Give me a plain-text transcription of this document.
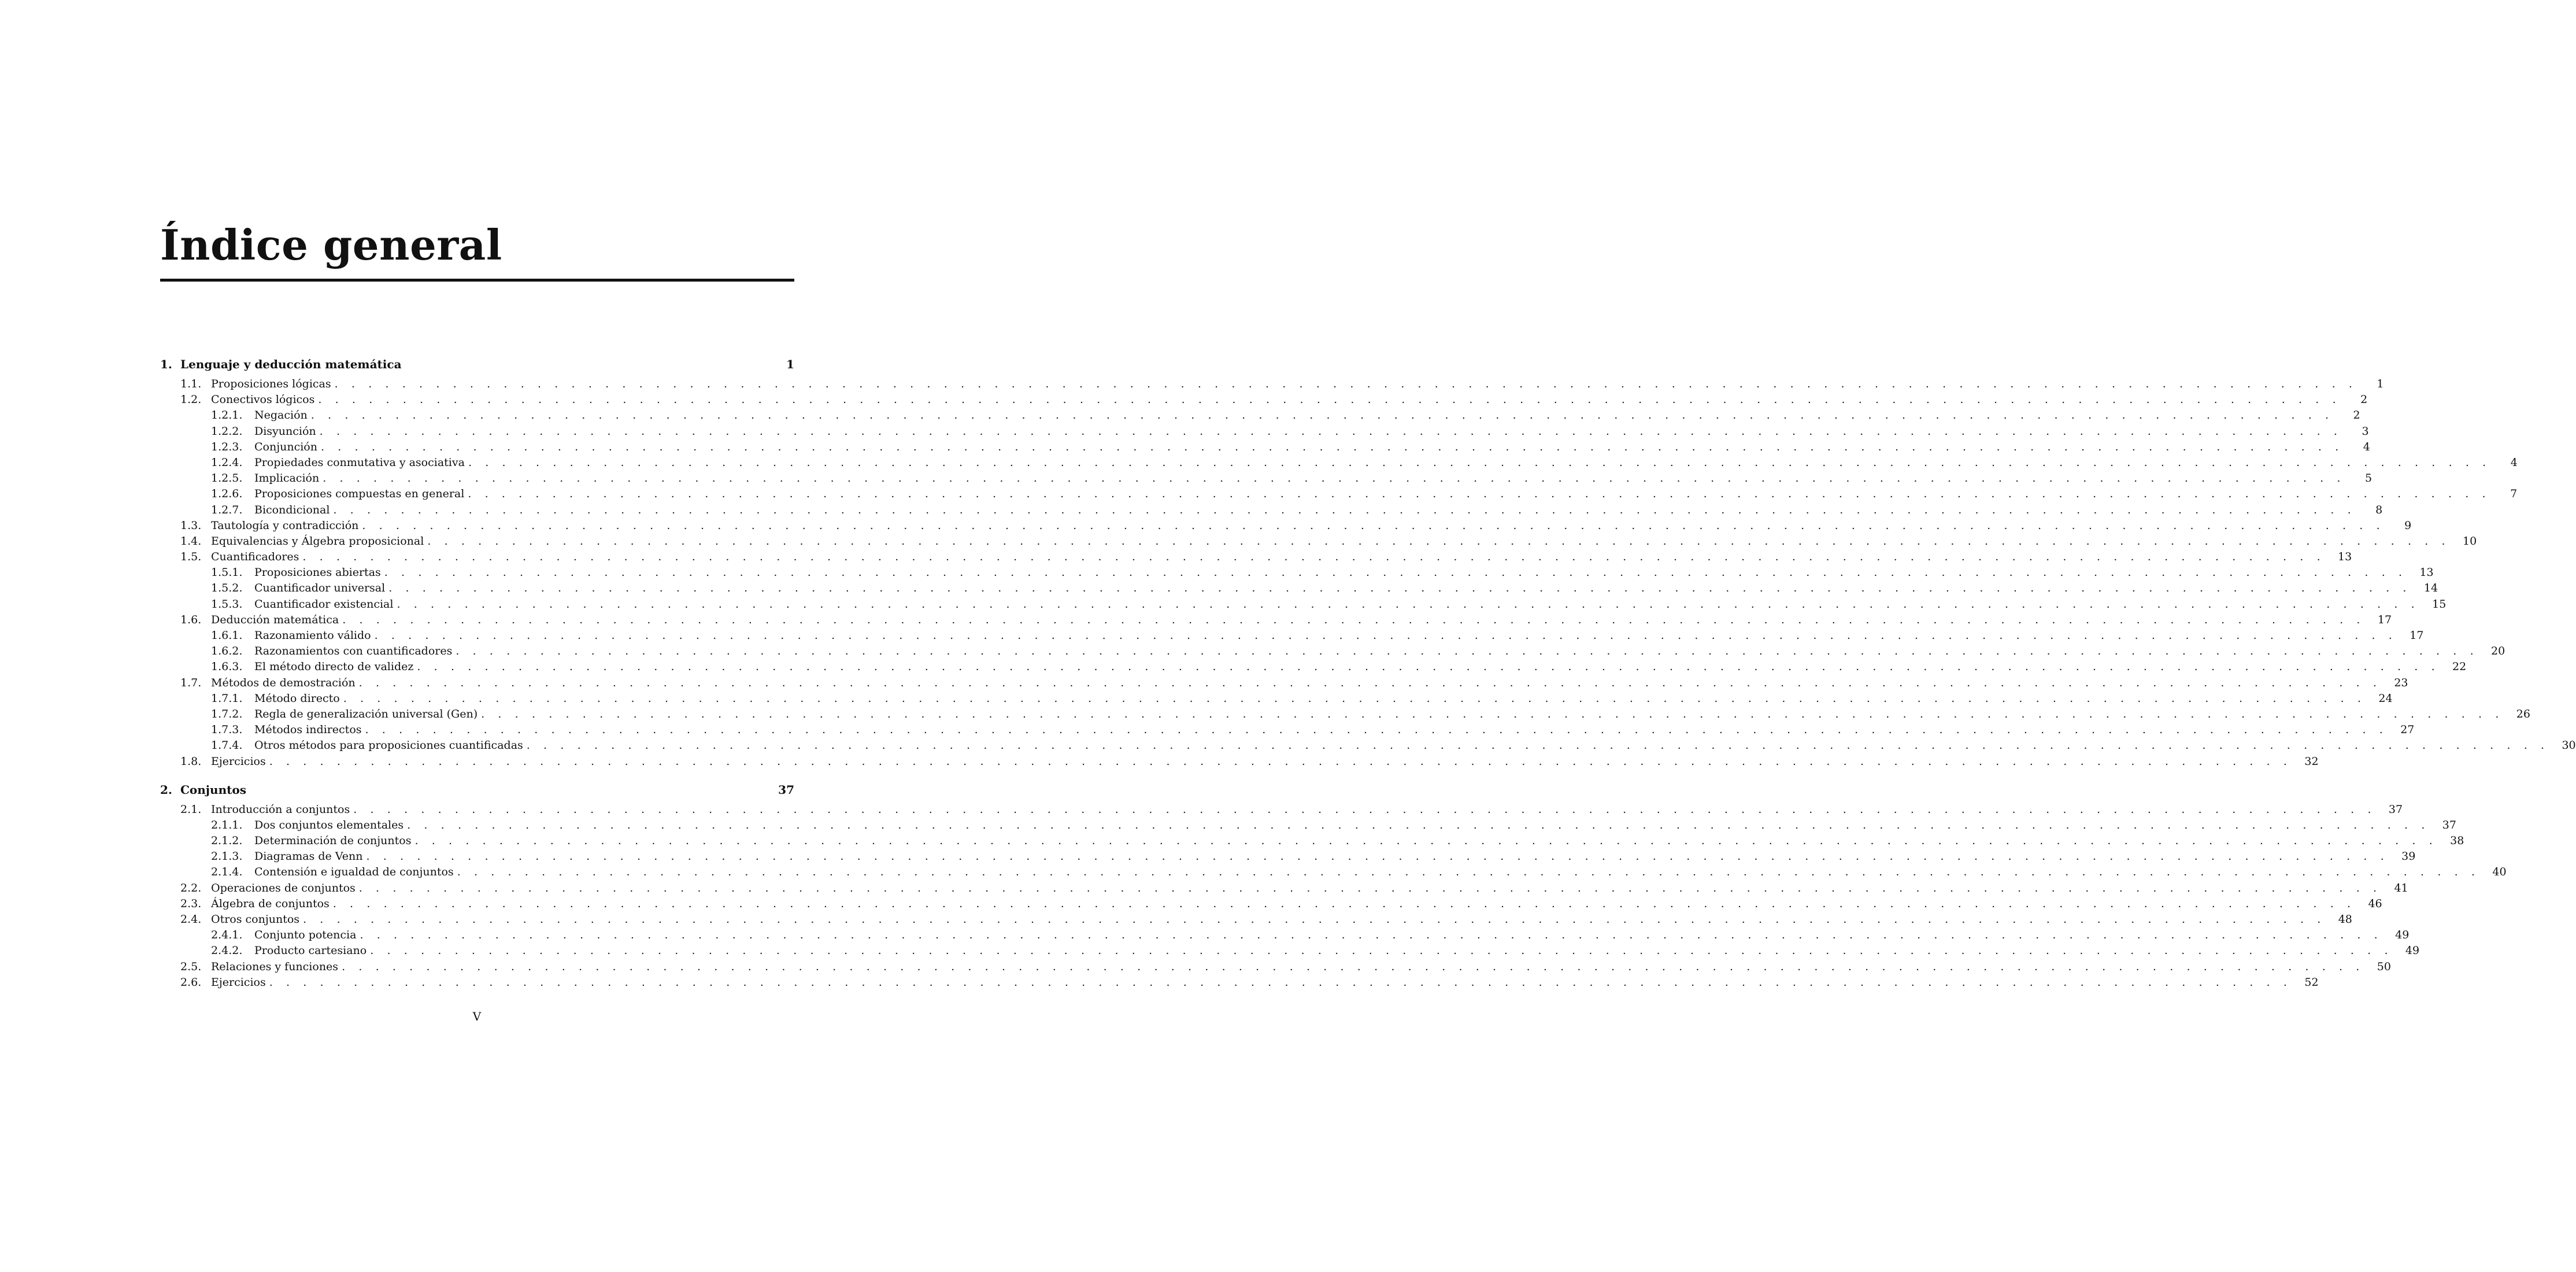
Índice general
1. Lenguaje y deducción matemática	1
1.1. Proposiciones lógicas . . . . . . . . . . . . . . . . . . . . . . . . . . . . . . . . . . . . . . . . . . . . . . . . . . . . . . . . . . . . . . . . . . . . . . . . . . . . . . . . . . . . . . . . . . . . . . . . . . . . . . . . . . . . . . . . . . . . . . . .	1
1.2. Conectivos lógicos . . . . . . . . . . . . . . . . . . . . . . . . . . . . . . . . . . . . . . . . . . . . . . . . . . . . . . . . . . . . . . . . . . . . . . . . . . . . . . . . . . . . . . . . . . . . . . . . . . . . . . . . . . . . . . . . . . . . . . . .	2
1.2.1.	Negación . . . . . . . . . . . . . . . . . . . . . . . . . . . . . . . . . . . . . . . . . . . . . . . . . . . . . . . . . . . . . . . . . . . . . . . . . . . . . . . . . . . . . . . . . . . . . . . . . . . . . . . . . . . . . . . . . . . . . . . .	2
1.2.2.	Disyunción . . . . . . . . . . . . . . . . . . . . . . . . . . . . . . . . . . . . . . . . . . . . . . . . . . . . . . . . . . . . . . . . . . . . . . . . . . . . . . . . . . . . . . . . . . . . . . . . . . . . . . . . . . . . . . . . . . . . . . . .	3
1.2.3.	Conjunción . . . . . . . . . . . . . . . . . . . . . . . . . . . . . . . . . . . . . . . . . . . . . . . . . . . . . . . . . . . . . . . . . . . . . . . . . . . . . . . . . . . . . . . . . . . . . . . . . . . . . . . . . . . . . . . . . . . . . . . .	4
1.2.4.	Propiedades conmutativa y asociativa . . . . . . . . . . . . . . . . . . . . . . . . . . . . . . . . . . . . . . . . . . . . . . . . . . . . . . . . . . . . . . . . . . . . . . . . . . . . . . . . . . . . . . . . . . . . . . . . . . . . . . . . . . . . . . . . . . . . . . . .	4
1.2.5.	Implicación . . . . . . . . . . . . . . . . . . . . . . . . . . . . . . . . . . . . . . . . . . . . . . . . . . . . . . . . . . . . . . . . . . . . . . . . . . . . . . . . . . . . . . . . . . . . . . . . . . . . . . . . . . . . . . . . . . . . . . . .	5
1.2.6.	Proposiciones compuestas en general . . . . . . . . . . . . . . . . . . . . . . . . . . . . . . . . . . . . . . . . . . . . . . . . . . . . . . . . . . . . . . . . . . . . . . . . . . . . . . . . . . . . . . . . . . . . . . . . . . . . . . . . . . . . . . . . . . . . . . . .	7
1.2.7.	Bicondicional . . . . . . . . . . . . . . . . . . . . . . . . . . . . . . . . . . . . . . . . . . . . . . . . . . . . . . . . . . . . . . . . . . . . . . . . . . . . . . . . . . . . . . . . . . . . . . . . . . . . . . . . . . . . . . . . . . . . . . . .	8
1.3. Tautología y contradicción . . . . . . . . . . . . . . . . . . . . . . . . . . . . . . . . . . . . . . . . . . . . . . . . . . . . . . . . . . . . . . . . . . . . . . . . . . . . . . . . . . . . . . . . . . . . . . . . . . . . . . . . . . . . . . . . . . . . . . . .	9
1.4. Equivalencias y Álgebra proposicional . . . . . . . . . . . . . . . . . . . . . . . . . . . . . . . . . . . . . . . . . . . . . . . . . . . . . . . . . . . . . . . . . . . . . . . . . . . . . . . . . . . . . . . . . . . . . . . . . . . . . . . . . . . . . . . . . . . . . . . .	10
1.5. Cuantificadores . . . . . . . . . . . . . . . . . . . . . . . . . . . . . . . . . . . . . . . . . . . . . . . . . . . . . . . . . . . . . . . . . . . . . . . . . . . . . . . . . . . . . . . . . . . . . . . . . . . . . . . . . . . . . . . . . . . . . . . .	13
1.5.1.	Proposiciones abiertas . . . . . . . . . . . . . . . . . . . . . . . . . . . . . . . . . . . . . . . . . . . . . . . . . . . . . . . . . . . . . . . . . . . . . . . . . . . . . . . . . . . . . . . . . . . . . . . . . . . . . . . . . . . . . . . . . . . . . . . .	13
1.5.2.	Cuantificador universal . . . . . . . . . . . . . . . . . . . . . . . . . . . . . . . . . . . . . . . . . . . . . . . . . . . . . . . . . . . . . . . . . . . . . . . . . . . . . . . . . . . . . . . . . . . . . . . . . . . . . . . . . . . . . . . . . . . . . . . .	14
1.5.3.	Cuantificador existencial . . . . . . . . . . . . . . . . . . . . . . . . . . . . . . . . . . . . . . . . . . . . . . . . . . . . . . . . . . . . . . . . . . . . . . . . . . . . . . . . . . . . . . . . . . . . . . . . . . . . . . . . . . . . . . . . . . . . . . . .	15
1.6. Deducción matemática . . . . . . . . . . . . . . . . . . . . . . . . . . . . . . . . . . . . . . . . . . . . . . . . . . . . . . . . . . . . . . . . . . . . . . . . . . . . . . . . . . . . . . . . . . . . . . . . . . . . . . . . . . . . . . . . . . . . . . . .	17
1.6.1.	Razonamiento válido . . . . . . . . . . . . . . . . . . . . . . . . . . . . . . . . . . . . . . . . . . . . . . . . . . . . . . . . . . . . . . . . . . . . . . . . . . . . . . . . . . . . . . . . . . . . . . . . . . . . . . . . . . . . . . . . . . . . . . . .	17
1.6.2.	Razonamientos con cuantificadores . . . . . . . . . . . . . . . . . . . . . . . . . . . . . . . . . . . . . . . . . . . . . . . . . . . . . . . . . . . . . . . . . . . . . . . . . . . . . . . . . . . . . . . . . . . . . . . . . . . . . . . . . . . . . . . . . . . . . . . .	20
1.6.3.	El método directo de validez . . . . . . . . . . . . . . . . . . . . . . . . . . . . . . . . . . . . . . . . . . . . . . . . . . . . . . . . . . . . . . . . . . . . . . . . . . . . . . . . . . . . . . . . . . . . . . . . . . . . . . . . . . . . . . . . . . . . . . . .	22
1.7. Métodos de demostración . . . . . . . . . . . . . . . . . . . . . . . . . . . . . . . . . . . . . . . . . . . . . . . . . . . . . . . . . . . . . . . . . . . . . . . . . . . . . . . . . . . . . . . . . . . . . . . . . . . . . . . . . . . . . . . . . . . . . . . .	23
1.7.1.	Método directo . . . . . . . . . . . . . . . . . . . . . . . . . . . . . . . . . . . . . . . . . . . . . . . . . . . . . . . . . . . . . . . . . . . . . . . . . . . . . . . . . . . . . . . . . . . . . . . . . . . . . . . . . . . . . . . . . . . . . . . .	24
1.7.2.	Regla de generalización universal (Gen) . . . . . . . . . . . . . . . . . . . . . . . . . . . . . . . . . . . . . . . . . . . . . . . . . . . . . . . . . . . . . . . . . . . . . . . . . . . . . . . . . . . . . . . . . . . . . . . . . . . . . . . . . . . . . . . . . . . . . . . .	26
1.7.3.	Métodos indirectos . . . . . . . . . . . . . . . . . . . . . . . . . . . . . . . . . . . . . . . . . . . . . . . . . . . . . . . . . . . . . . . . . . . . . . . . . . . . . . . . . . . . . . . . . . . . . . . . . . . . . . . . . . . . . . . . . . . . . . . .	27
1.7.4.	Otros métodos para proposiciones cuantificadas . . . . . . . . . . . . . . . . . . . . . . . . . . . . . . . . . . . . . . . . . . . . . . . . . . . . . . . . . . . . . . . . . . . . . . . . . . . . . . . . . . . . . . . . . . . . . . . . . . . . . . . . . . . . . . . . . . . . . . . .	30
1.8. Ejercicios . . . . . . . . . . . . . . . . . . . . . . . . . . . . . . . . . . . . . . . . . . . . . . . . . . . . . . . . . . . . . . . . . . . . . . . . . . . . . . . . . . . . . . . . . . . . . . . . . . . . . . . . . . . . . . . . . . . . . . . .	32
2. Conjuntos	37
2.1. Introducción a conjuntos . . . . . . . . . . . . . . . . . . . . . . . . . . . . . . . . . . . . . . . . . . . . . . . . . . . . . . . . . . . . . . . . . . . . . . . . . . . . . . . . . . . . . . . . . . . . . . . . . . . . . . . . . . . . . . . . . . . . . . . .	37
2.1.1.	Dos conjuntos elementales . . . . . . . . . . . . . . . . . . . . . . . . . . . . . . . . . . . . . . . . . . . . . . . . . . . . . . . . . . . . . . . . . . . . . . . . . . . . . . . . . . . . . . . . . . . . . . . . . . . . . . . . . . . . . . . . . . . . . . . .	37
2.1.2.	Determinación de conjuntos . . . . . . . . . . . . . . . . . . . . . . . . . . . . . . . . . . . . . . . . . . . . . . . . . . . . . . . . . . . . . . . . . . . . . . . . . . . . . . . . . . . . . . . . . . . . . . . . . . . . . . . . . . . . . . . . . . . . . . . .	38
2.1.3.	Diagramas de Venn . . . . . . . . . . . . . . . . . . . . . . . . . . . . . . . . . . . . . . . . . . . . . . . . . . . . . . . . . . . . . . . . . . . . . . . . . . . . . . . . . . . . . . . . . . . . . . . . . . . . . . . . . . . . . . . . . . . . . . . .	39
2.1.4.	Contensión e igualdad de conjuntos . . . . . . . . . . . . . . . . . . . . . . . . . . . . . . . . . . . . . . . . . . . . . . . . . . . . . . . . . . . . . . . . . . . . . . . . . . . . . . . . . . . . . . . . . . . . . . . . . . . . . . . . . . . . . . . . . . . . . . . .	40
2.2. Operaciones de conjuntos . . . . . . . . . . . . . . . . . . . . . . . . . . . . . . . . . . . . . . . . . . . . . . . . . . . . . . . . . . . . . . . . . . . . . . . . . . . . . . . . . . . . . . . . . . . . . . . . . . . . . . . . . . . . . . . . . . . . . . . .	41
2.3. Álgebra de conjuntos . . . . . . . . . . . . . . . . . . . . . . . . . . . . . . . . . . . . . . . . . . . . . . . . . . . . . . . . . . . . . . . . . . . . . . . . . . . . . . . . . . . . . . . . . . . . . . . . . . . . . . . . . . . . . . . . . . . . . . . .	46
2.4. Otros conjuntos . . . . . . . . . . . . . . . . . . . . . . . . . . . . . . . . . . . . . . . . . . . . . . . . . . . . . . . . . . . . . . . . . . . . . . . . . . . . . . . . . . . . . . . . . . . . . . . . . . . . . . . . . . . . . . . . . . . . . . . .	48
2.4.1.	Conjunto potencia . . . . . . . . . . . . . . . . . . . . . . . . . . . . . . . . . . . . . . . . . . . . . . . . . . . . . . . . . . . . . . . . . . . . . . . . . . . . . . . . . . . . . . . . . . . . . . . . . . . . . . . . . . . . . . . . . . . . . . . .	49
2.4.2.	Producto cartesiano . . . . . . . . . . . . . . . . . . . . . . . . . . . . . . . . . . . . . . . . . . . . . . . . . . . . . . . . . . . . . . . . . . . . . . . . . . . . . . . . . . . . . . . . . . . . . . . . . . . . . . . . . . . . . . . . . . . . . . . .	49
2.5. Relaciones y funciones . . . . . . . . . . . . . . . . . . . . . . . . . . . . . . . . . . . . . . . . . . . . . . . . . . . . . . . . . . . . . . . . . . . . . . . . . . . . . . . . . . . . . . . . . . . . . . . . . . . . . . . . . . . . . . . . . . . . . . . .	50
2.6. Ejercicios . . . . . . . . . . . . . . . . . . . . . . . . . . . . . . . . . . . . . . . . . . . . . . . . . . . . . . . . . . . . . . . . . . . . . . . . . . . . . . . . . . . . . . . . . . . . . . . . . . . . . . . . . . . . . . . . . . . . . . . .	52
V
